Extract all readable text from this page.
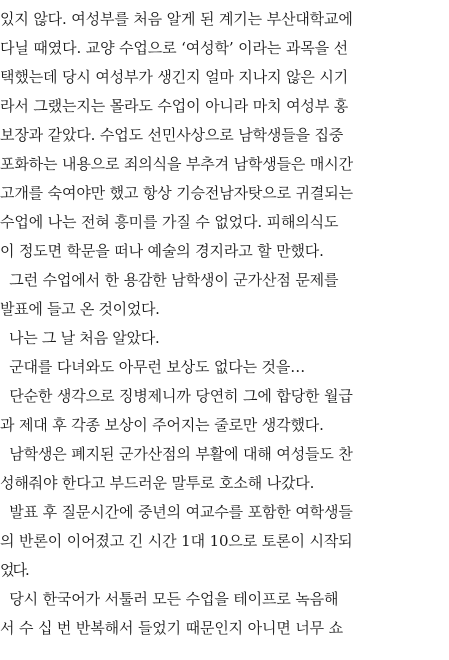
있지 않다. 여성부를 처음 알게 된 계기는 부산대학교에
다닐 때였다. 교양 수업으로 ‘여성학’ 이라는 과목을 선
택했는데 당시 여성부가 생긴지 얼마 지나지 않은 시기
라서 그랬는지는 몰라도 수업이 아니라 마치 여성부 홍
보장과 같았다. 수업도 선민사상으로 남학생들을 집중
포화하는 내용으로 죄의식을 부추겨 남학생들은 매시간
고개를 숙여야만 했고 항상 기승전남자탓으로 귀결되는
수업에 나는 전혀 흥미를 가질 수 없었다. 피해의식도
이 정도면 학문을 떠나 예술의 경지라고 할 만했다.
그런 수업에서 한 용감한 남학생이 군가산점 문제를
발표에 들고 온 것이었다.
나는 그 날 처음 알았다.
군대를 다녀와도 아무런 보상도 없다는 것을…
단순한 생각으로 징병제니까 당연히 그에 합당한 월급
과 제대 후 각종 보상이 주어지는 줄로만 생각했다.
남학생은 폐지된 군가산점의 부활에 대해 여성들도 찬
성해줘야 한다고 부드러운 말투로 호소해 나갔다.
발표 후 질문시간에 중년의 여교수를 포함한 여학생들
의 반론이 이어졌고 긴 시간 1대 10으로 토론이 시작되
었다.
당시 한국어가 서툴러 모든 수업을 테이프로 녹음해
서 수 십 번 반복해서 들었기 때문인지 아니면 너무 쇼
